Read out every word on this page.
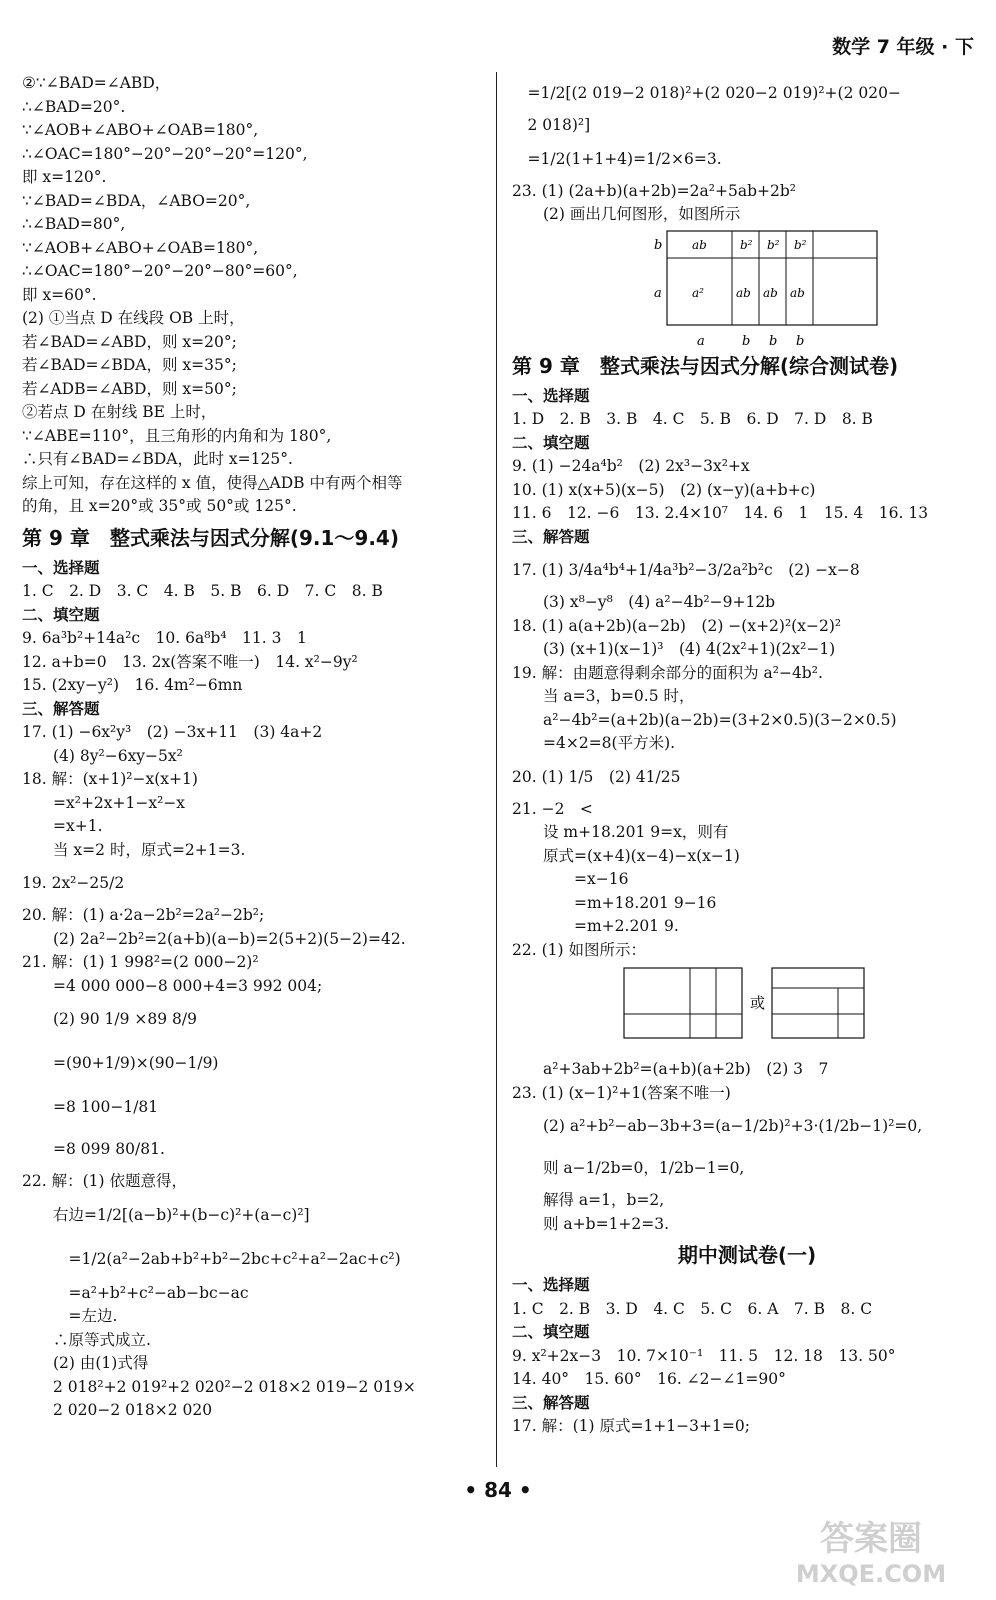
数学 7 年级 · 下
②∵∠BAD=∠ABD，
∴∠BAD=20°.
∵∠AOB+∠ABO+∠OAB=180°,
∴∠OAC=180°−20°−20°−20°=120°,
即 x=120°.
∵∠BAD=∠BDA，∠ABO=20°,
∴∠BAD=80°,
∵∠AOB+∠ABO+∠OAB=180°,
∴∠OAC=180°−20°−20°−80°=60°,
即 x=60°.
(2) ①当点 D 在线段 OB 上时，
若∠BAD=∠ABD，则 x=20°;
若∠BAD=∠BDA，则 x=35°;
若∠ADB=∠ABD，则 x=50°;
②若点 D 在射线 BE 上时，
∵∠ABE=110°，且三角形的内角和为 180°,
∴只有∠BAD=∠BDA，此时 x=125°.
综上可知，存在这样的 x 值，使得△ADB 中有两个相等
的角，且 x=20°或 35°或 50°或 125°.
第 9 章　整式乘法与因式分解(9.1～9.4)
一、选择题
1. C　2. D　3. C　4. B　5. B　6. D　7. C　8. B
二、填空题
9. 6a³b²+14a²c　10. 6a⁸b⁴　11. 3　1
12. a+b=0　13. 2x(答案不唯一)　14. x²−9y²
15. (2xy−y²)　16. 4m²−6mn
三、解答题
17. (1) −6x²y³　(2) −3x+11　(3) 4a+2
　　(4) 8y²−6xy−5x²
18. 解：(x+1)²−x(x+1)
　　=x²+2x+1−x²−x
　　=x+1.
　　当 x=2 时，原式=2+1=3.
19. 2x²−25/2
20. 解：(1) a·2a−2b²=2a²−2b²;
　　(2) 2a²−2b²=2(a+b)(a−b)=2(5+2)(5−2)=42.
21. 解：(1) 1 998²=(2 000−2)²
　　=4 000 000−8 000+4=3 992 004;
　　(2) 90 1/9 ×89 8/9
　　=(90+1/9)×(90−1/9)
　　=8 100−1/81
　　=8 099 80/81.
22. 解：(1) 依题意得，
　　右边=1/2[(a−b)²+(b−c)²+(a−c)²]
　　　=1/2(a²−2ab+b²+b²−2bc+c²+a²−2ac+c²)
　　　=a²+b²+c²−ab−bc−ac
　　　=左边.
　　∴原等式成立.
　　(2) 由(1)式得
　　2 018²+2 019²+2 020²−2 018×2 019−2 019×
　　2 020−2 018×2 020
　=1/2[(2 019−2 018)²+(2 020−2 019)²+(2 020−
　2 018)²]
　=1/2(1+1+4)=1/2×6=3.
23. (1) (2a+b)(a+2b)=2a²+5ab+2b²
　　(2) 画出几何图形，如图所示
b
a
ab	b² b² b²
a²	ab ab ab
a	b b b
第 9 章　整式乘法与因式分解(综合测试卷)
一、选择题
1. D　2. B　3. B　4. C　5. B　6. D　7. D　8. B
二、填空题
9. (1) −24a⁴b²　(2) 2x³−3x²+x
10. (1) x(x+5)(x−5)　(2) (x−y)(a+b+c)
11. 6　12. −6　13. 2.4×10⁷　14. 6　1　15. 4　16. 13
三、解答题
17. (1) 3/4a⁴b⁴+1/4a³b²−3/2a²b²c　(2) −x−8
　　(3) x⁸−y⁸　(4) a²−4b²−9+12b
18. (1) a(a+2b)(a−2b)　(2) −(x+2)²(x−2)²
　　(3) (x+1)(x−1)³　(4) 4(2x²+1)(2x²−1)
19. 解：由题意得剩余部分的面积为 a²−4b².
　　当 a=3，b=0.5 时，
　　a²−4b²=(a+2b)(a−2b)=(3+2×0.5)(3−2×0.5)
　　=4×2=8(平方米).
20. (1) 1/5　(2) 41/25
21. −2　<
　　设 m+18.201 9=x，则有
　　原式=(x+4)(x−4)−x(x−1)
　　　　=x−16
　　　　=m+18.201 9−16
　　　　=m+2.201 9.
22. (1) 如图所示：
或
　　a²+3ab+2b²=(a+b)(a+2b)　(2) 3　7
23. (1) (x−1)²+1(答案不唯一)
　　(2) a²+b²−ab−3b+3=(a−1/2b)²+3·(1/2b−1)²=0,
　　则 a−1/2b=0，1/2b−1=0,
　　解得 a=1，b=2,
　　则 a+b=1+2=3.
期中测试卷(一)
一、选择题
1. C　2. B　3. D　4. C　5. C　6. A　7. B　8. C
二、填空题
9. x²+2x−3　10. 7×10⁻¹　11. 5　12. 18　13. 50°
14. 40°　15. 60°　16. ∠2−∠1=90°
三、解答题
17. 解：(1) 原式=1+1−3+1=0;
• 84 •
答案圈
MXQE.COM
